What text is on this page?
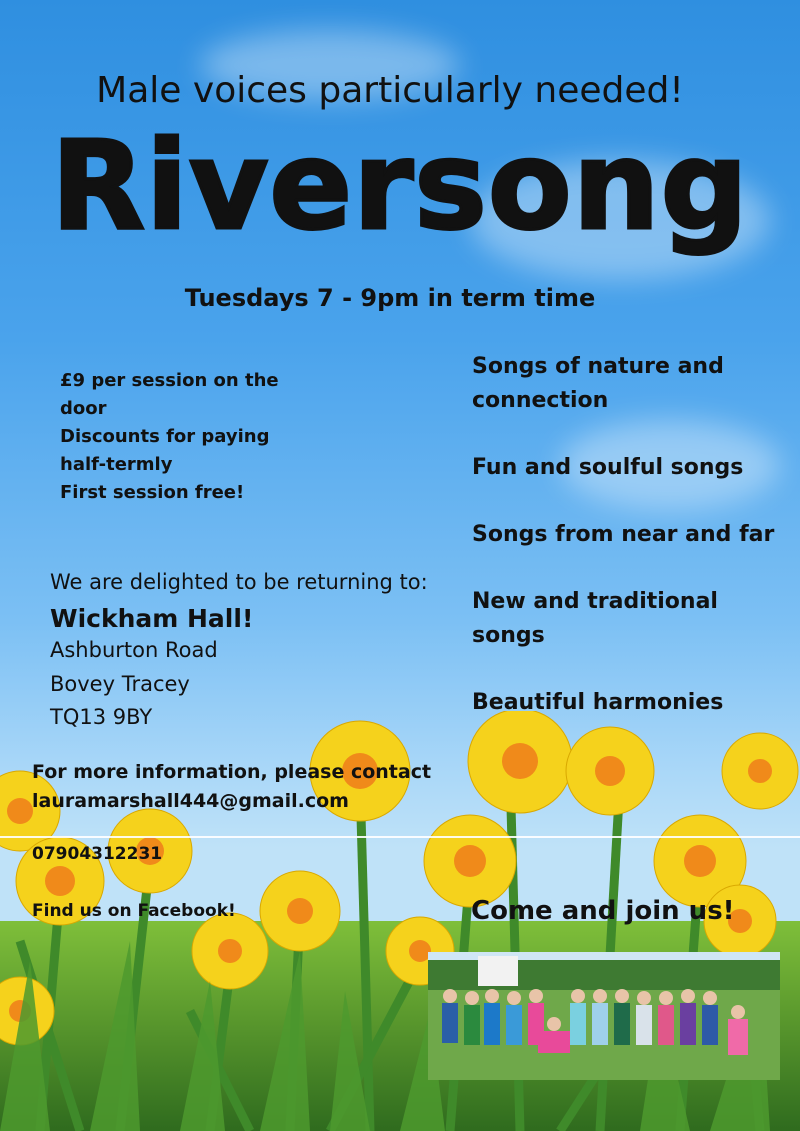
Male voices particularly needed!
Riversong
Tuesdays 7 - 9pm in term time
£9 per session on the
door
Discounts for paying
half-termly
First session free!
Songs of nature and connection
Fun and soulful songs
Songs from near and far
New and traditional songs
Beautiful harmonies
We are delighted to be returning to:
Wickham Hall!
Ashburton Road
Bovey Tracey
TQ13 9BY
For more information, please contact
lauramarshall444@gmail.com
07904312231
Find us on Facebook!	Come and join us!
